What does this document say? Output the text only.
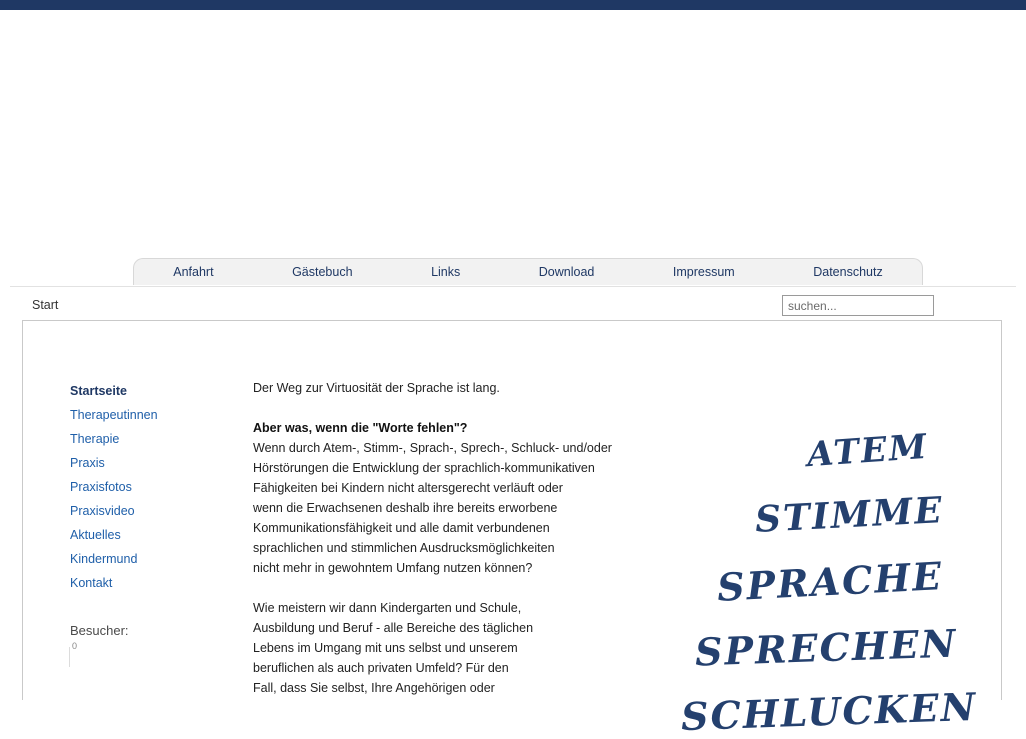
Anfahrt	Gästebuch	Links	Download	Impressum	Datenschutz
Start
suchen...
Startseite
Therapeutinnen
Therapie
Praxis
Praxisfotos
Praxisvideo
Aktuelles
Kindermund
Kontakt
Besucher:
0

Der Weg zur Virtuosität der Sprache ist lang.

Aber was, wenn die "Worte fehlen"?

Wenn durch Atem-, Stimm-, Sprach-, Sprech-, Schluck- und/oder

Hörstörungen die Entwicklung der sprachlich-kommunikativen

Fähigkeiten bei Kindern nicht altersgerecht verläuft oder

wenn die Erwachsenen deshalb ihre bereits erworbene

Kommunikationsfähigkeit und alle damit verbundenen

sprachlichen und stimmlichen Ausdrucksmöglichkeiten

nicht mehr in gewohntem Umfang nutzen können?

Wie meistern wir dann Kindergarten und Schule,

Ausbildung und Beruf - alle Bereiche des täglichen

Lebens im Umgang mit uns selbst und unserem

beruflichen als auch privaten Umfeld? Für den

Fall, dass Sie selbst, Ihre Angehörigen oder

ATEM
STIMME
SPRACHE
SPRECHEN
SCHLUCKEN
